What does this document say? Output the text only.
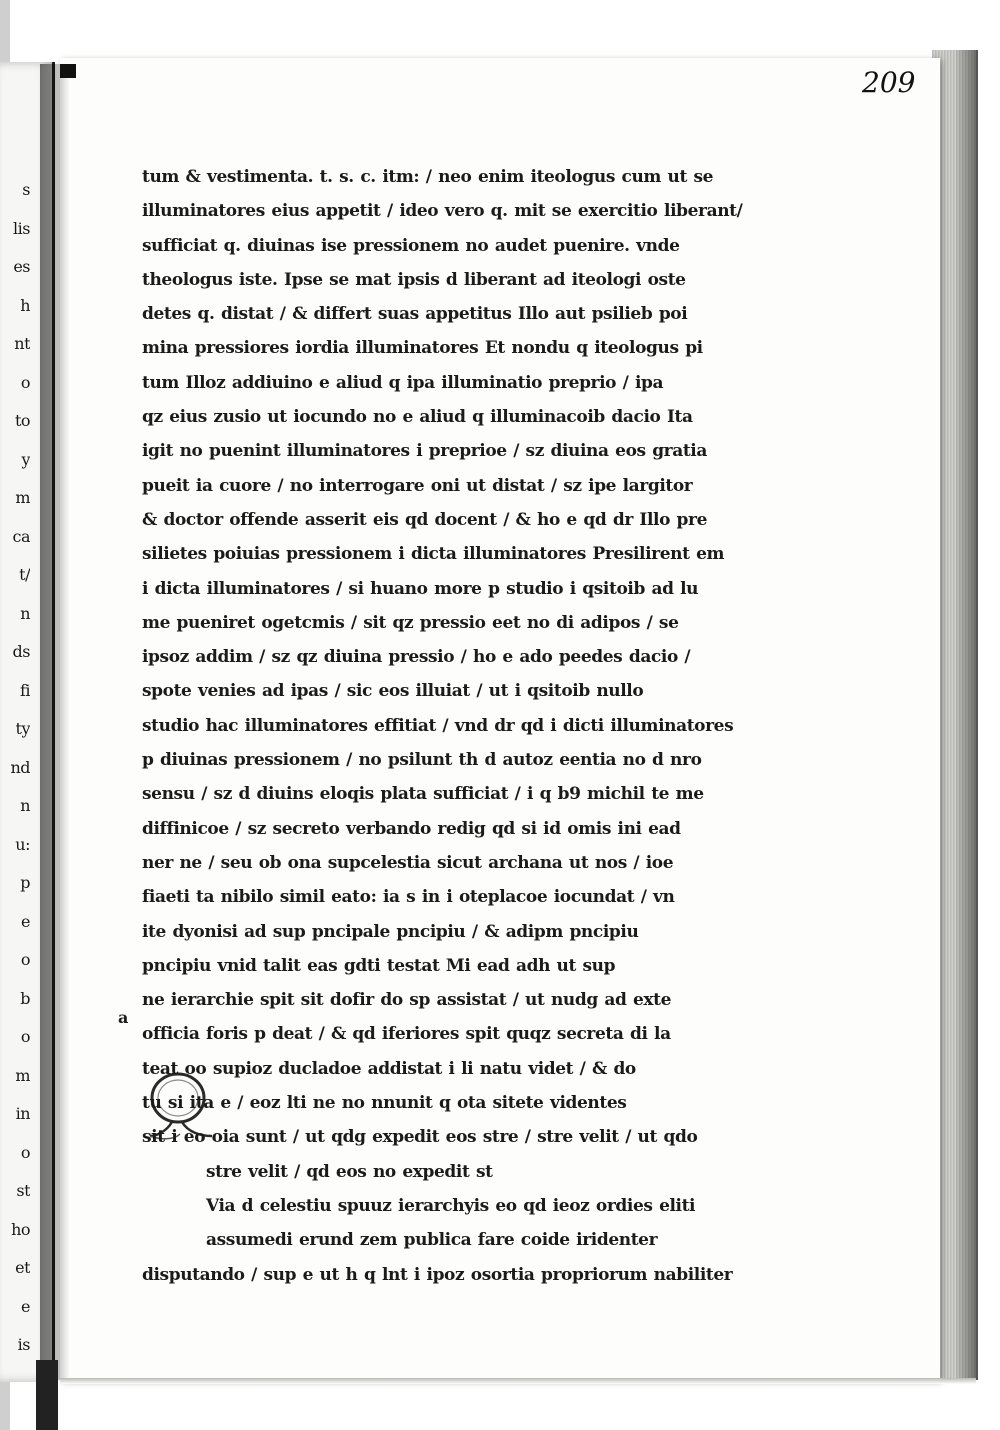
s
lis
es
h
nt
o
to
y
m
ca
t/
n
ds
fi
ty
nd
n
u:
p
e
o
b
o
m
in
o
st
ho
et
e
is
209
a
tum & vestimenta. t. s. c. itm: / neo enim iteologus cum ut se
illuminatores eius appetit / ideo vero q. mit se exercitio liberant/
sufficiat q. diuinas ise pressionem no audet puenire. vnde
theologus iste. Ipse se mat ipsis d liberant ad iteologi oste
detes q. distat / & differt suas appetitus Illo aut psilieb poi
mina pressiores iordia illuminatores Et nondu q iteologus pi
tum Illoz addiuino e aliud q ipa illuminatio preprio / ipa
qz eius zusio ut iocundo no e aliud q illuminacoib dacio Ita
igit no puenint illuminatores i preprioe / sz diuina eos gratia
pueit ia cuore / no interrogare oni ut distat / sz ipe largitor
& doctor offende asserit eis qd docent / & ho e qd dr Illo pre
silietes poiuias pressionem i dicta illuminatores Presilirent em
i dicta illuminatores / si huano more p studio i qsitoib ad lu
me pueniret ogetcmis / sit qz pressio eet no di adipos / se
ipsoz addim / sz qz diuina pressio / ho e ado peedes dacio /
spote venies ad ipas / sic eos illuiat / ut i qsitoib nullo
studio hac illuminatores effitiat / vnd dr qd i dicti illuminatores
p diuinas pressionem / no psilunt th d autoz eentia no d nro
sensu / sz d diuins eloqis plata sufficiat / i q b9 michil te me
diffinicoe / sz secreto verbando redig qd si id omis ini ead
ner ne / seu ob ona supcelestia sicut archana ut nos / ioe
fiaeti ta nibilo simil eato: ia s in i oteplacoe iocundat / vn
ite dyonisi ad sup pncipale pncipiu / & adipm pncipiu
pncipiu vnid talit eas gdti testat Mi ead adh ut sup
ne ierarchie spit sit dofir do sp assistat / ut nudg ad exte
officia foris p deat / & qd iferiores spit quqz secreta di la
teat oo supioz ducladoe addistat i li natu videt / & do
tu si ita e / eoz lti ne no nnunit q ota sitete videntes
sit i eo oia sunt / ut qdg expedit eos stre / stre velit / ut qdo
stre velit / qd eos no expedit st
Via d celestiu spuuz ierarchyis eo qd ieoz ordies eliti
assumedi erund zem publica fare coide iridenter
disputando / sup e ut h q lnt i ipoz osortia propriorum nabiliter
